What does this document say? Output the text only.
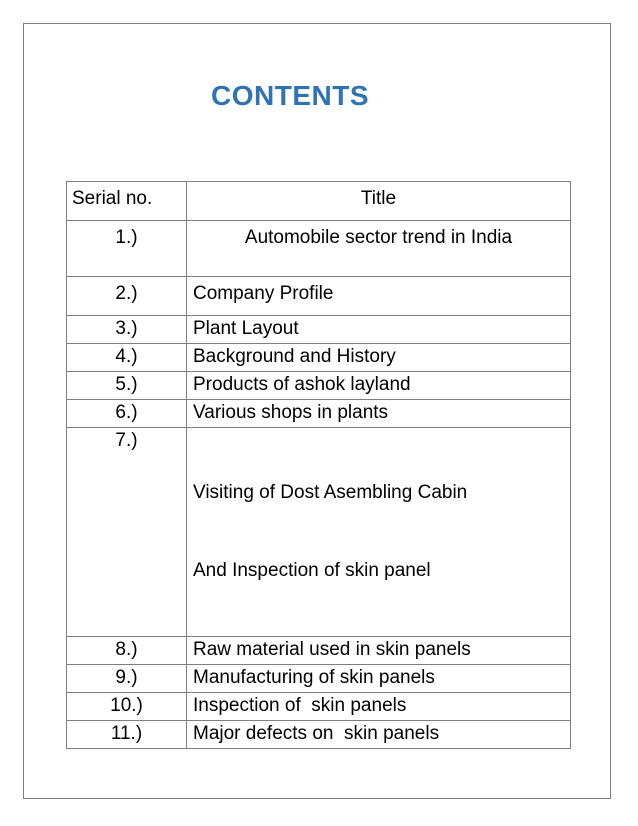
CONTENTS
Serial no.	Title
1.)	Automobile sector trend in India
2.)	Company Profile
3.)	Plant Layout
4.)	Background and History
5.)	Products of ashok layland
6.)	Various shops in plants
7.)	Visiting of Dost Asembling Cabin

And Inspection of skin panel

8.)	Raw material used in skin panels
9.)	Manufacturing of skin panels
10.)	Inspection of  skin panels
11.)	Major defects on  skin panels
